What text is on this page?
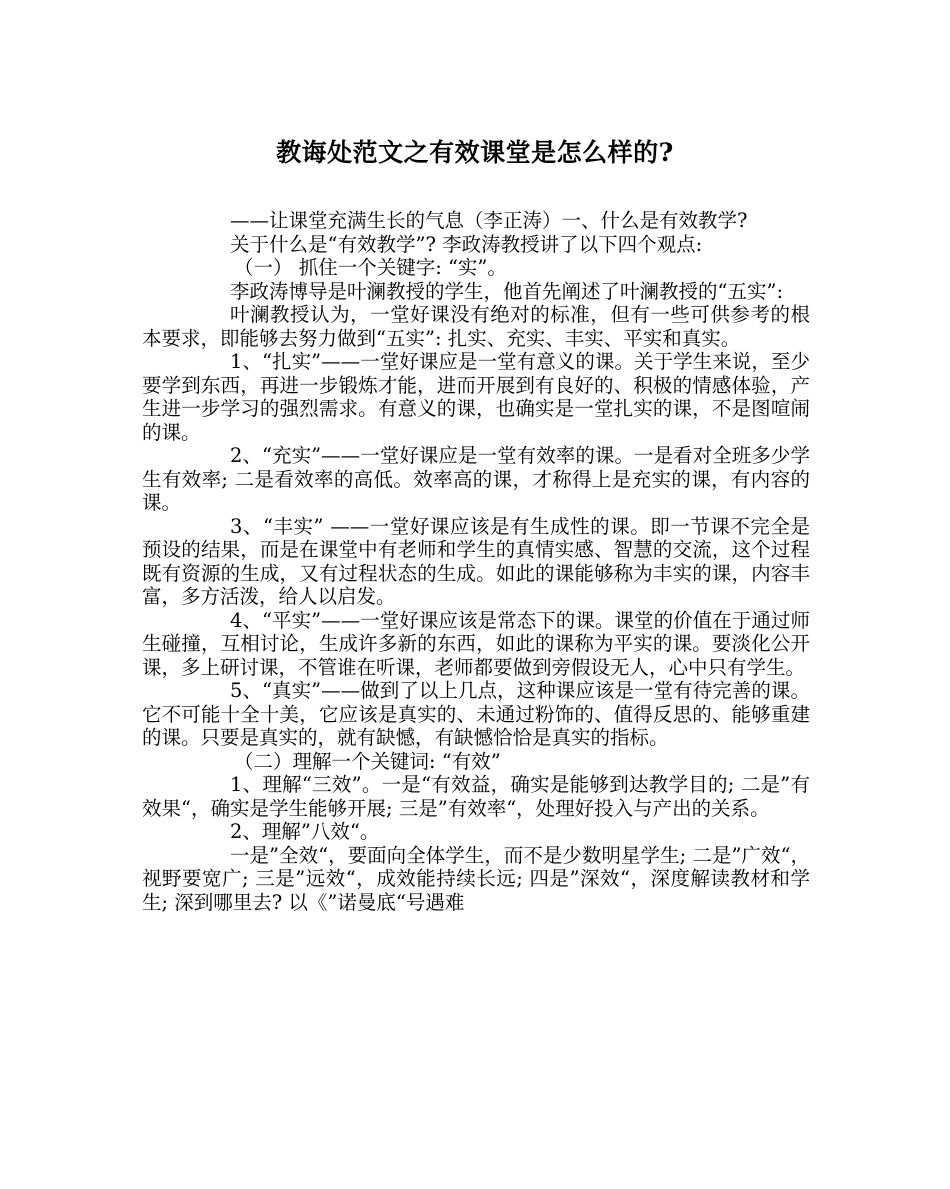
教诲处范文之有效课堂是怎么样的?

——让课堂充满生长的气息（李正涛）一、什么是有效教学?

关于什么是“有效教学”? 李政涛教授讲了以下四个观点:

（一） 抓住一个关键字: “实”。

李政涛博导是叶澜教授的学生，他首先阐述了叶澜教授的“五实”:

叶澜教授认为，一堂好课没有绝对的标准，但有一些可供参考的根本要求，即能够去努力做到“五实”: 扎实、充实、丰实、平实和真实。

1、“扎实”——一堂好课应是一堂有意义的课。关于学生来说，至少要学到东西，再进一步锻炼才能，进而开展到有良好的、积极的情感体验，产生进一步学习的强烈需求。有意义的课，也确实是一堂扎实的课，不是图喧闹的课。

2、“充实”——一堂好课应是一堂有效率的课。一是看对全班多少学生有效率; 二是看效率的高低。效率高的课，才称得上是充实的课，有内容的课。

3、“丰实” ——一堂好课应该是有生成性的课。即一节课不完全是预设的结果，而是在课堂中有老师和学生的真情实感、智慧的交流，这个过程既有资源的生成，又有过程状态的生成。如此的课能够称为丰实的课，内容丰富，多方活泼，给人以启发。

4、“平实”——一堂好课应该是常态下的课。课堂的价值在于通过师生碰撞，互相讨论，生成许多新的东西，如此的课称为平实的课。要淡化公开课，多上研讨课，不管谁在听课，老师都要做到旁假设无人，心中只有学生。

5、“真实”——做到了以上几点，这种课应该是一堂有待完善的课。它不可能十全十美，它应该是真实的、未通过粉饰的、值得反思的、能够重建的课。只要是真实的，就有缺憾，有缺憾恰恰是真实的指标。

（二）理解一个关键词: “有效”

1、理解“三效”。一是“有效益，确实是能够到达教学目的; 二是”有效果“，确实是学生能够开展; 三是”有效率“，处理好投入与产出的关系。

2、理解”八效“。

一是”全效“，要面向全体学生，而不是少数明星学生; 二是”广效“，视野要宽广; 三是”远效“，成效能持续长远; 四是”深效“，深度解读教材和学生; 深到哪里去? 以《”诺曼底“号遇难
